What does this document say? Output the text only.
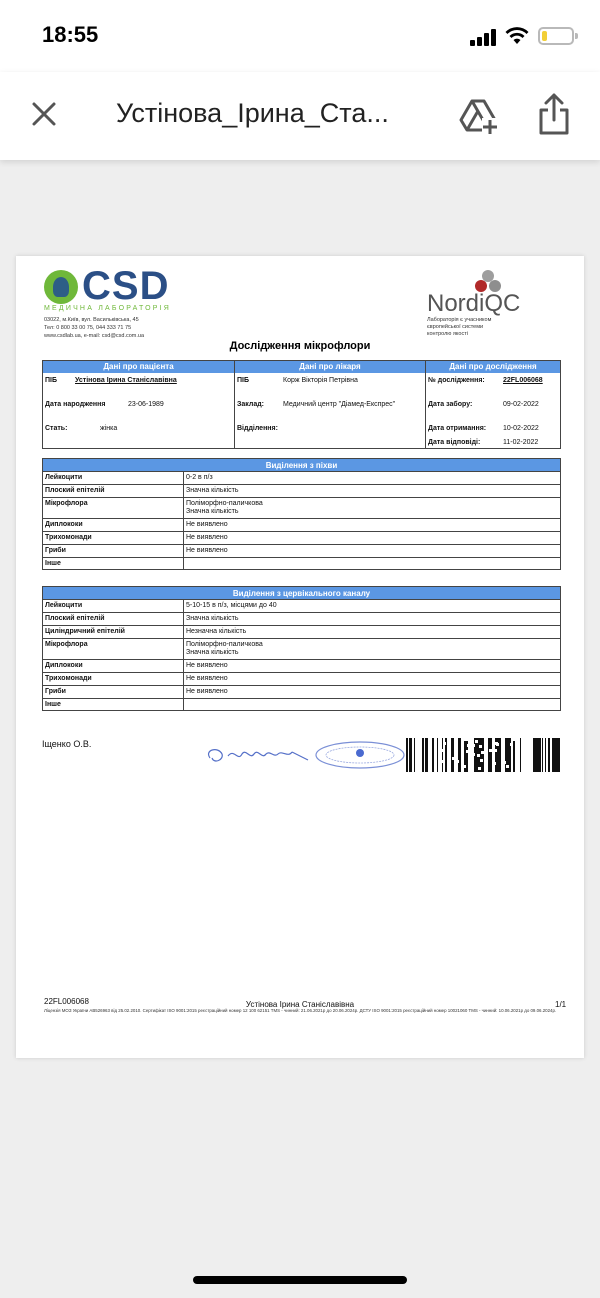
18:55
Устінова_Ірина_Ста...
CSD
МЕДИЧНА ЛАБОРАТОРІЯ
03022, м.Київ, вул. Васильківська, 45
Тел: 0 800 33 00 75, 044 333 71 75
www.csdlab.ua, e-mail: csd@csd.com.ua
NordiQC
Лабораторія є учасником
європейської системи
контролю якості
Дослідження мікрофлори
Дані про пацієнта	Дані про лікаря	Дані про дослідження
ПІБ	Устінова Ірина Станіславівна
Дата народження	23-06-1989
Стать:	жінка
ПІБ	Корж Вікторія Петрівна
Заклад:	Медичний центр "Діамед-Експрес"
Відділення:
№ дослідження:	22FL006068
Дата забору:	09-02-2022
Дата отримання: 10-02-2022
Дата відповіді:	11-02-2022
Виділення з піхви
Лейкоцити	0-2 в п/з
Плоский епітелій	Значна кількість
Мікрофлора	Поліморфно-паличкова
Значна кількість
Диплококи	Не виявлено
Трихомонади	Не виявлено
Гриби	Не виявлено
Інше
Виділення з цервікального каналу
Лейкоцити	5-10-15 в п/з, місцями до 40
Плоский епітелій	Значна кількість
Циліндричний епітелій	Незначна кількість
Мікрофлора	Поліморфно-паличкова
Значна кількість
Диплококи	Не виявлено
Трихомонади	Не виявлено
Гриби	Не виявлено
Інше
Іщенко О.В.
22FL006068	Устінова Ірина Станіславівна	1/1
Ліцензія МОЗ України АВ526963 від 25.02.2010. Сертифікат ISO 9001:2015 реєстраційний номер 12 100 62151 TMS - чинний: 21.06.2021р до 20.06.2024р. ДСТУ ISO 9001:2015 реєстраційний номер 10021060 TMS - чинний: 10.06.2021р до 09.06.2024р.
